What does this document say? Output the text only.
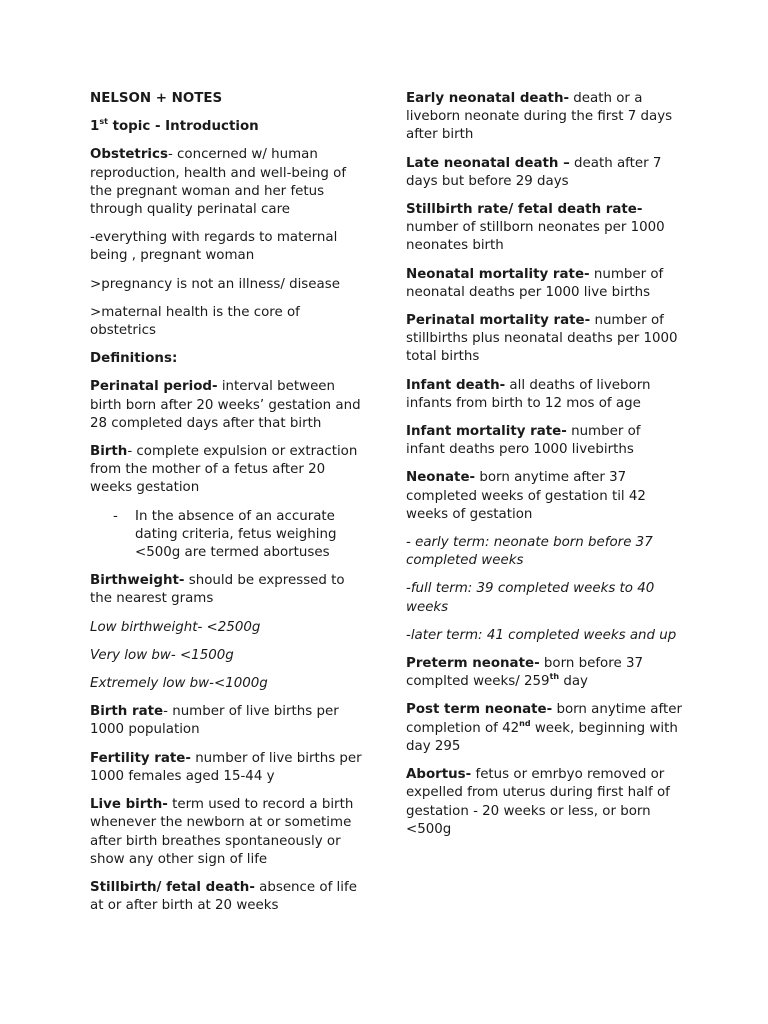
NELSON + NOTES

1st topic - Introduction

Obstetrics- concerned w/ human reproduction, health and well-being of the pregnant woman and her fetus through quality perinatal care

-everything with regards to maternal being , pregnant woman

>pregnancy is not an illness/ disease

>maternal health is the core of obstetrics

Definitions:

Perinatal period- interval between birth born after 20 weeks’ gestation and 28 completed days after that birth

Birth- complete expulsion or extraction from the mother of a fetus after 20 weeks gestation

-	In the absence of an accurate dating criteria, fetus weighing <500g are termed abortuses

Birthweight- should be expressed to the nearest grams

Low birthweight- <2500g

Very low bw- <1500g

Extremely low bw-<1000g

Birth rate- number of live births per 1000 population

Fertility rate- number of live births per 1000 females aged 15-44 y

Live birth- term used to record a birth whenever the newborn at or sometime after birth breathes spontaneously or show any other sign of life

Stillbirth/ fetal death- absence of life at or after birth at 20 weeks

Early neonatal death- death or a liveborn neonate during the first 7 days after birth

Late neonatal death – death after 7 days but before 29 days

Stillbirth rate/ fetal death rate- number of stillborn neonates per 1000 neonates birth

Neonatal mortality rate- number of neonatal deaths per 1000 live births

Perinatal mortality rate- number of stillbirths plus neonatal deaths per 1000 total births

Infant death- all deaths of liveborn infants from birth to 12 mos of age

Infant mortality rate- number of infant deaths pero 1000 livebirths

Neonate- born anytime after 37 completed weeks of gestation til 42 weeks of gestation

- early term: neonate born before 37 completed weeks

-full term: 39 completed weeks to 40 weeks

-later term: 41 completed weeks and up

Preterm neonate- born before 37 complted weeks/ 259th day

Post term neonate- born anytime after completion of 42nd week, beginning with day 295

Abortus- fetus or emrbyo removed or expelled from uterus during first half of gestation - 20 weeks or less, or born <500g
